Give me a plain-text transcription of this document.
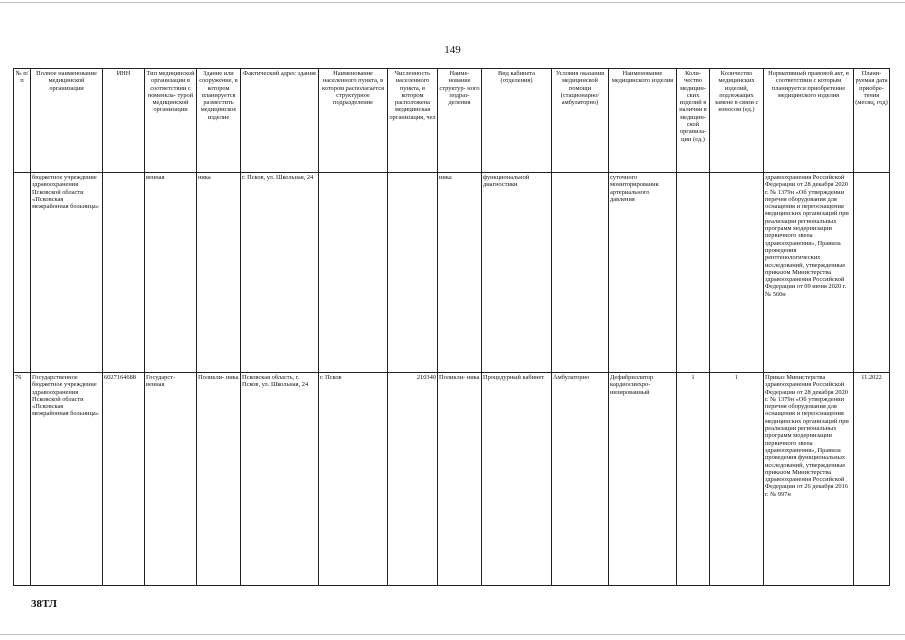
149
№ п/п	Полное наименование медицинской организации	ИНН	Тип медицинской организации в соответствии с номенкла- турой медицинской организации	Здание или сооружение, в котором планируется разместить медицинское изделие	Фактический адрес здания	Наименование населенного пункта, в котором располагается структурное подразделение	Численность населенного пункта, в котором расположена медицинская организация, чел	Наиме- нование структур- ного подраз- деления	Вид кабинета (отделения)	Условия оказания медицинской помощи (стационарно/ амбулаторно)	Наименование медицинского изделия	Коли- чество медицин- ских изделий в наличии в медицин- ской организа- ции (ед.)	Количество медицинских изделий, подлежащих замене в связи с износом (ед.)	Нормативный правовой акт, в соответствии с которым планируется приобретение медицинского изделия	Плани- руемая дата приобре- тения (месяц, год)
	бюджетное учреждение здравоохранения Псковской области «Псковская межрайонная больница»		венная	ника	г. Псков, ул. Школьная, 24			ника	функциональной диагностики		суточного мониторирования артериального давления			здравоохранения Российской Федерации от 28 декабря 2020 г. № 1379н «Об утверждении перечня оборудования для оснащения и переоснащения медицинских организаций при реализации региональных программ модернизации первичного звена здравоохранения», Правила проведения рентгенологических исследований, утвержденные приказом Министерства здравоохранения Российской Федерации от 09 июня 2020 г. № 560н	
76	Государственное бюджетное учреждение здравоохранения Псковской области «Псковская межрайонная больница»	6027164688	Государст- венная	Поликли- ника	Псковская область, г. Псков, ул. Школьная, 24	г. Псков	210340	Поликли- ника	Процедурный кабинет	Амбулаторно	Дефибриллятор кардиосинхро- низированный	1	1	Приказ Министерства здравоохранения Российской Федерации от 28 декабря 2020 г. № 1379н «Об утверждении перечня оборудования для оснащения и переоснащения медицинских организаций при реализации региональных программ модернизации первичного звена здравоохранения», Правила проведения функциональных исследований, утвержденные приказом Министерства здравоохранения Российской Федерации от 26 декабря 2016 г. № 997н	11.2022
38ТЛ
